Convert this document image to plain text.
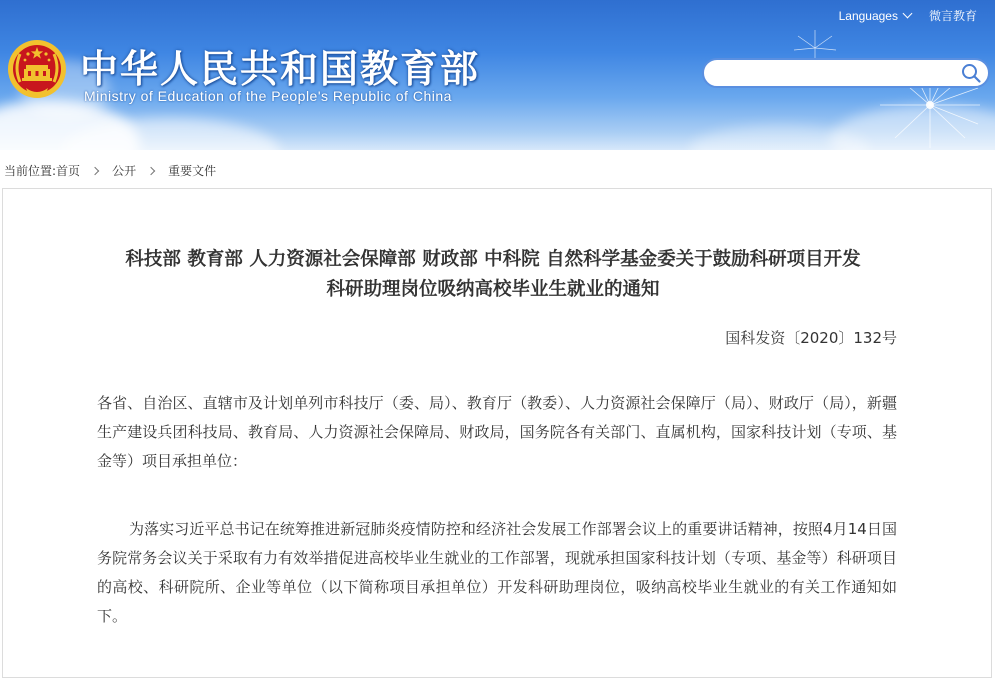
中华人民共和国教育部
Ministry of Education of the People's Republic of China
Languages	微言教育
当前位置: 首页	公开	重要文件
科技部 教育部 人力资源社会保障部 财政部 中科院 自然科学基金委关于鼓励科研项目开发
科研助理岗位吸纳高校毕业生就业的通知
国科发资〔2020〕132号
各省、自治区、直辖市及计划单列市科技厅（委、局）、教育厅（教委）、人力资源社会保障厅（局）、财政厅（局），新疆生产建设兵团科技局、教育局、人力资源社会保障局、财政局，国务院各有关部门、直属机构，国家科技计划（专项、基金等）项目承担单位：
为落实习近平总书记在统筹推进新冠肺炎疫情防控和经济社会发展工作部署会议上的重要讲话精神，按照4月14日国务院常务会议关于采取有力有效举措促进高校毕业生就业的工作部署，现就承担国家科技计划（专项、基金等）科研项目的高校、科研院所、企业等单位（以下简称项目承担单位）开发科研助理岗位，吸纳高校毕业生就业的有关工作通知如下。
